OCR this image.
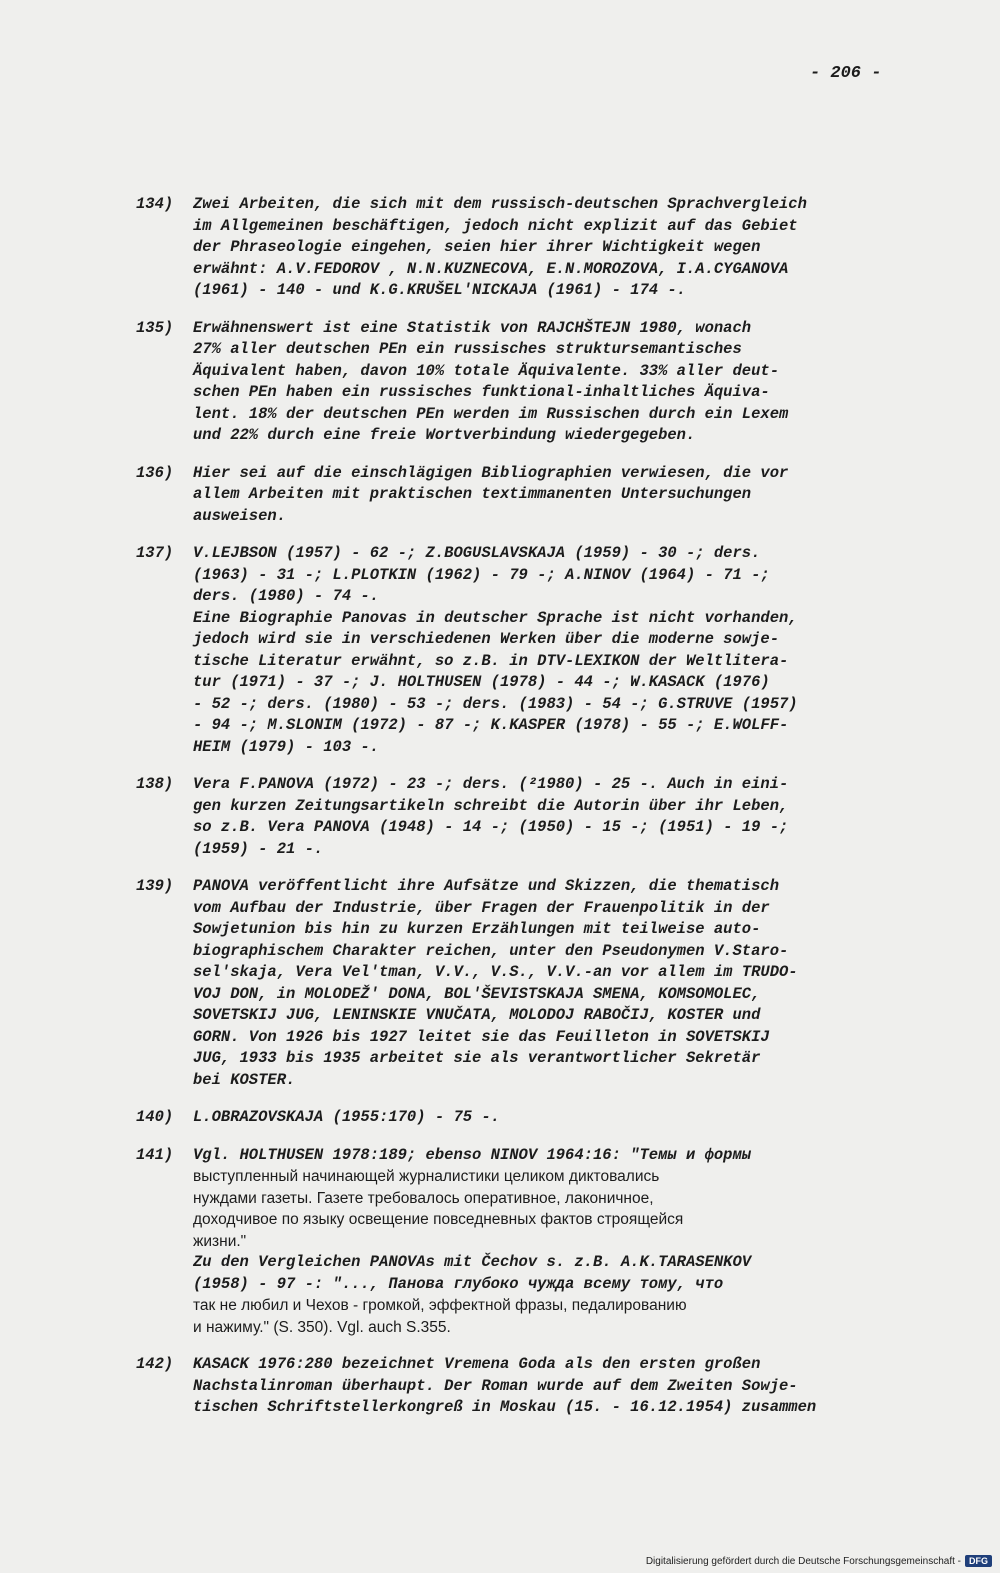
- 206 -
134) Zwei Arbeiten, die sich mit dem russisch-deutschen Sprachvergleich
im Allgemeinen beschäftigen, jedoch nicht explizit auf das Gebiet
der Phraseologie eingehen, seien hier ihrer Wichtigkeit wegen
erwähnt: A.V.FEDOROV , N.N.KUZNECOVA, E.N.MOROZOVA, I.A.CYGANOVA
(1961) - 140 - und K.G.KRUŠEL'NICKAJA (1961) - 174 -.
135) Erwähnenswert ist eine Statistik von RAJCHŠTEJN 1980, wonach
27% aller deutschen PEn ein russisches struktursemantisches
Äquivalent haben, davon 10% totale Äquivalente. 33% aller deut-
schen PEn haben ein russisches funktional-inhaltliches Äquiva-
lent. 18% der deutschen PEn werden im Russischen durch ein Lexem
und 22% durch eine freie Wortverbindung wiedergegeben.
136) Hier sei auf die einschlägigen Bibliographien verwiesen, die vor
allem Arbeiten mit praktischen textimmanenten Untersuchungen
ausweisen.
137) V.LEJBSON (1957) - 62 -; Z.BOGUSLAVSKAJA (1959) - 30 -; ders.
(1963) - 31 -; L.PLOTKIN (1962) - 79 -; A.NINOV (1964) - 71 -;
ders. (1980) - 74 -.
Eine Biographie Panovas in deutscher Sprache ist nicht vorhanden,
jedoch wird sie in verschiedenen Werken über die moderne sowje-
tische Literatur erwähnt, so z.B. in DTV-LEXIKON der Weltlitera-
tur (1971) - 37 -; J. HOLTHUSEN (1978) - 44 -; W.KASACK (1976)
- 52 -; ders. (1980) - 53 -; ders. (1983) - 54 -; G.STRUVE (1957)
- 94 -; M.SLONIM (1972) - 87 -; K.KASPER (1978) - 55 -; E.WOLFF-
HEIM (1979) - 103 -.
138) Vera F.PANOVA (1972) - 23 -; ders. (²1980) - 25 -. Auch in eini-
gen kurzen Zeitungsartikeln schreibt die Autorin über ihr Leben,
so z.B. Vera PANOVA (1948) - 14 -; (1950) - 15 -; (1951) - 19 -;
(1959) - 21 -.
139) PANOVA veröffentlicht ihre Aufsätze und Skizzen, die thematisch
vom Aufbau der Industrie, über Fragen der Frauenpolitik in der
Sowjetunion bis hin zu kurzen Erzählungen mit teilweise auto-
biographischem Charakter reichen, unter den Pseudonymen V.Staro-
sel'skaja, Vera Vel'tman, V.V., V.S., V.V.-an vor allem im TRUDO-
VOJ DON, in MOLODEŽ' DONA, BOL'ŠEVISTSKAJA SMENA, KOMSOMOLEC,
SOVETSKIJ JUG, LENINSKIE VNUČATA, MOLODOJ RABOČIJ, KOSTER und
GORN. Von 1926 bis 1927 leitet sie das Feuilleton in SOVETSKIJ
JUG, 1933 bis 1935 arbeitet sie als verantwortlicher Sekretär
bei KOSTER.
140) L.OBRAZOVSKAJA (1955:170) - 75 -.
141) Vgl. HOLTHUSEN 1978:189; ebenso NINOV 1964:16: "Темы и формы
выступленный начинающей журналистики целиком диктовались
нуждами газеты. Газете требовалось оперативное, лаконичное,
доходчивое по языку освещение повседневных фактов строящейся
жизни."
Zu den Vergleichen PANOVAs mit Čechov s. z.B. A.K.TARASENKOV
(1958) - 97 -: "..., Панова глубоко чужда всему тому, что
так не любил и Чехов - громкой, эффектной фразы, педалированию
и нажиму." (S. 350). Vgl. auch S.355.
142) KASACK 1976:280 bezeichnet Vremena Goda als den ersten großen
Nachstalinroman überhaupt. Der Roman wurde auf dem Zweiten Sowje-
tischen Schriftstellerkongreß in Moskau (15. - 16.12.1954) zusammen
Digitalisierung gefördert durch die Deutsche Forschungsgemeinschaft - DFG
